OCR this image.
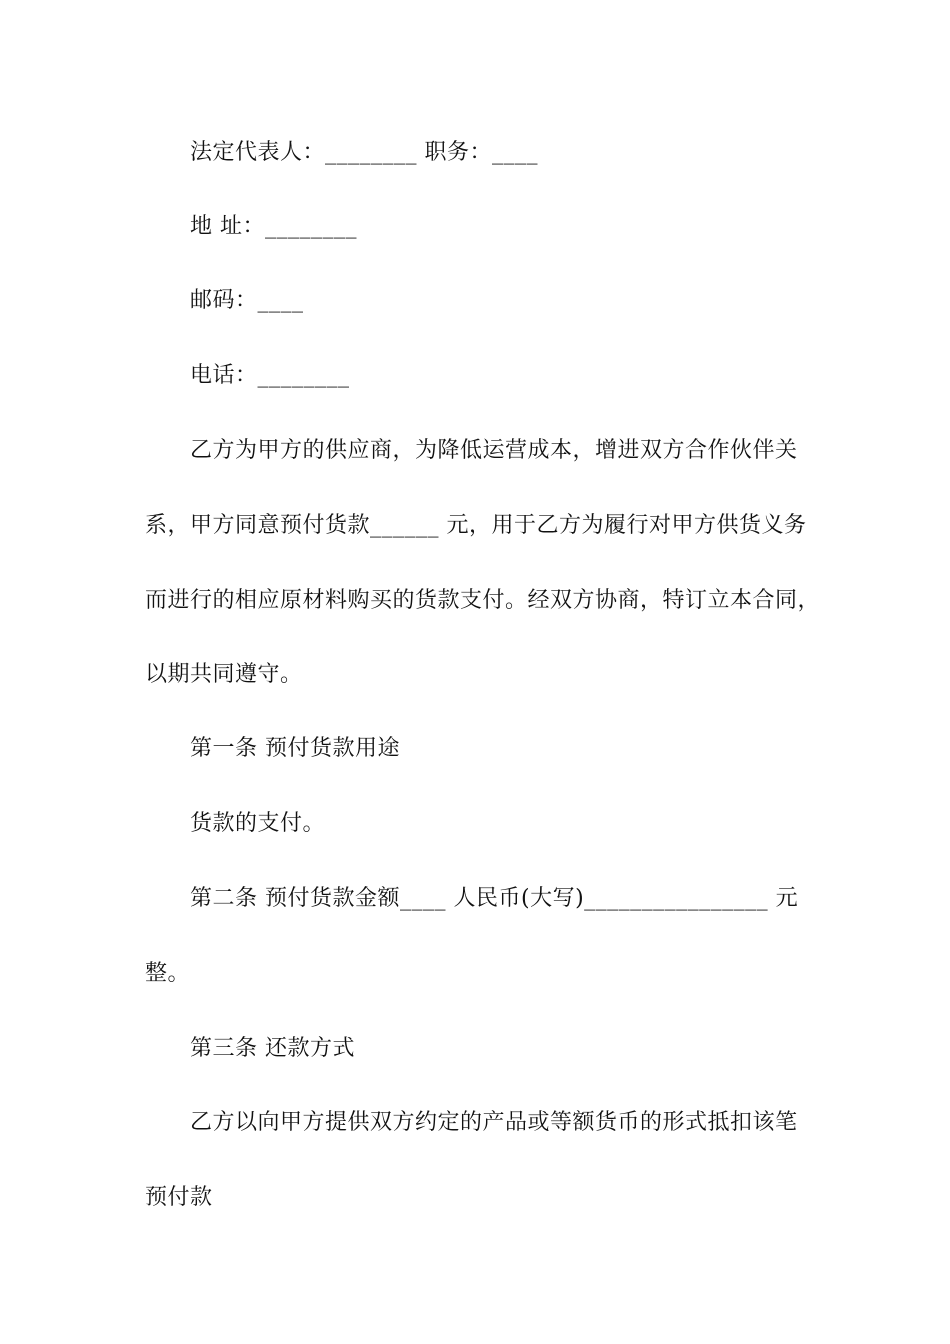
法定代表人：________ 职务：____
地 址：________
邮码：____
电话：________
乙方为甲方的供应商，为降低运营成本，增进双方合作伙伴关
系，甲方同意预付货款______ 元，用于乙方为履行对甲方供货义务
而进行的相应原材料购买的货款支付。经双方协商，特订立本合同，
以期共同遵守。
第一条 预付货款用途
货款的支付。
第二条 预付货款金额____ 人民币(大写)________________ 元
整。
第三条 还款方式
乙方以向甲方提供双方约定的产品或等额货币的形式抵扣该笔
预付款
